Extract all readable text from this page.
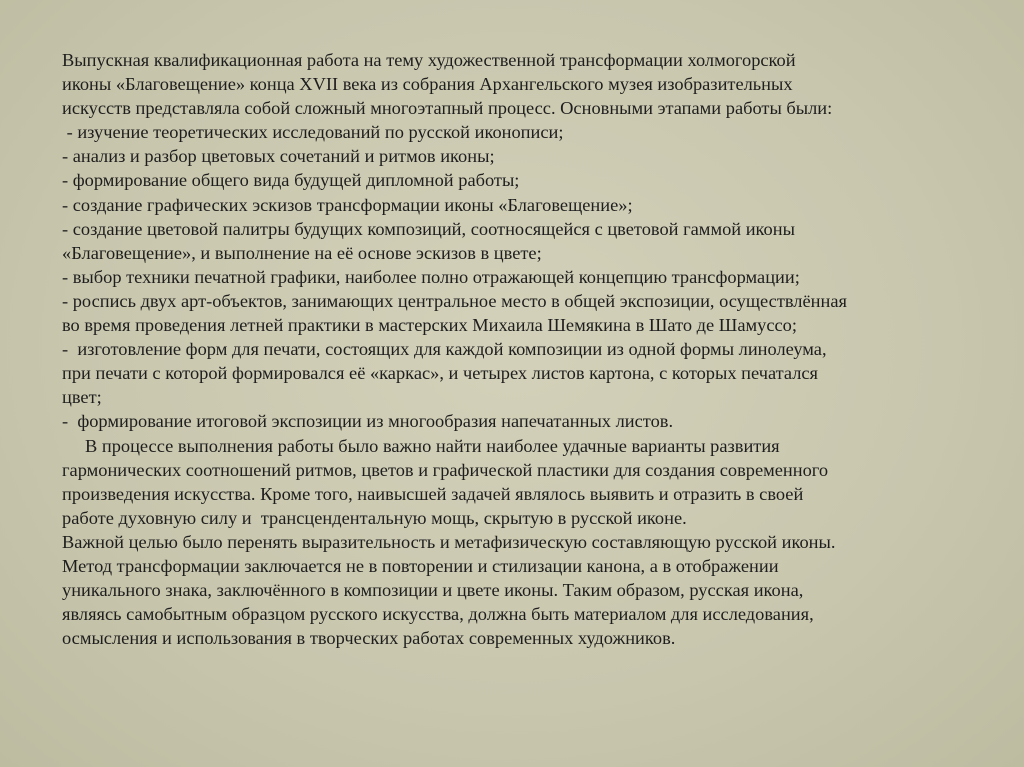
Выпускная квалификационная работа на тему художественной трансформации холмогорской
иконы «Благовещение» конца XVII века из собрания Архангельского музея изобразительных
искусств представляла собой сложный многоэтапный процесс. Основными этапами работы были:
- изучение теоретических исследований по русской иконописи;
- анализ и разбор цветовых сочетаний и ритмов иконы;
- формирование общего вида будущей дипломной работы;
- создание графических эскизов трансформации иконы «Благовещение»;
- создание цветовой палитры будущих композиций, соотносящейся с цветовой гаммой иконы
«Благовещение», и выполнение на её основе эскизов в цвете;
- выбор техники печатной графики, наиболее полно отражающей концепцию трансформации;
- роспись двух арт-объектов, занимающих центральное место в общей экспозиции, осуществлённая
во время проведения летней практики в мастерских Михаила Шемякина в Шато де Шамуссо;
-  изготовление форм для печати, состоящих для каждой композиции из одной формы линолеума,
при печати с которой формировался её «каркас», и четырех листов картона, с которых печатался
цвет;
-  формирование итоговой экспозиции из многообразия напечатанных листов.
В процессе выполнения работы было важно найти наиболее удачные варианты развития
гармонических соотношений ритмов, цветов и графической пластики для создания современного
произведения искусства. Кроме того, наивысшей задачей являлось выявить и отразить в своей
работе духовную силу и  трансцендентальную мощь, скрытую в русской иконе.
Важной целью было перенять выразительность и метафизическую составляющую русской иконы.
Метод трансформации заключается не в повторении и стилизации канона, а в отображении
уникального знака, заключённого в композиции и цвете иконы. Таким образом, русская икона,
являясь самобытным образцом русского искусства, должна быть материалом для исследования,
осмысления и использования в творческих работах современных художников.
